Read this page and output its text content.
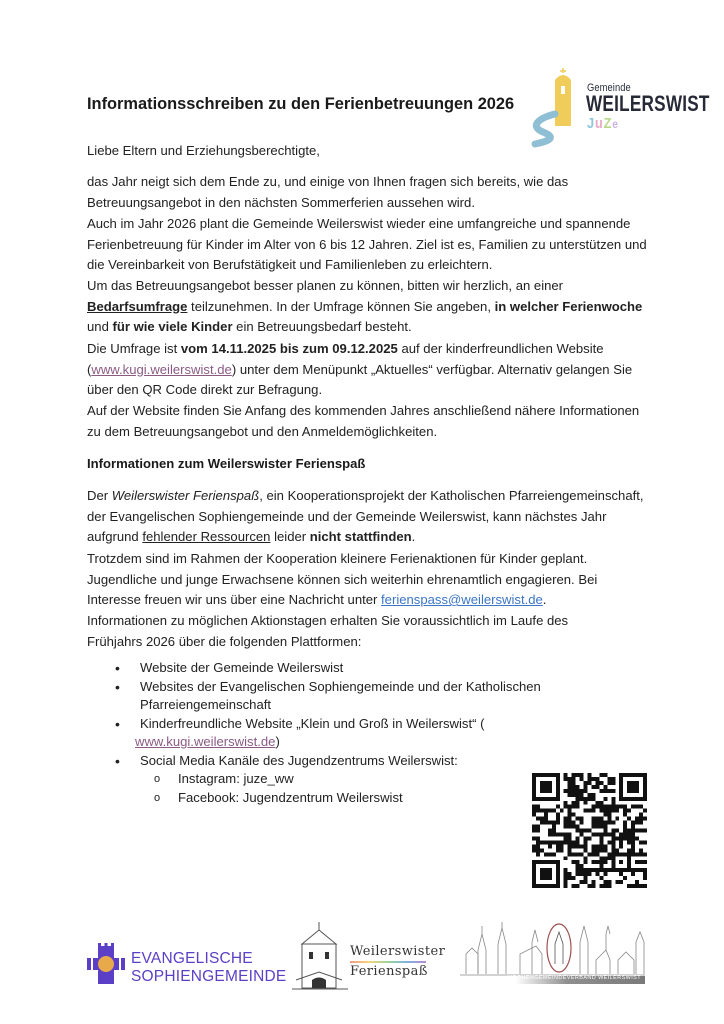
Gemeinde
WEILERSWIST
JuZe
Informationsschreiben zu den Ferienbetreuungen 2026

Liebe Eltern und Erziehungsberechtigte,

das Jahr neigt sich dem Ende zu, und einige von Ihnen fragen sich bereits, wie das Betreuungsangebot in den nächsten Sommerferien aussehen wird.

Auch im Jahr 2026 plant die Gemeinde Weilerswist wieder eine umfangreiche und spannende Ferienbetreuung für Kinder im Alter von 6 bis 12 Jahren. Ziel ist es, Familien zu unterstützen und die Vereinbarkeit von Berufstätigkeit und Familienleben zu erleichtern.

Um das Betreuungsangebot besser planen zu können, bitten wir herzlich, an einer Bedarfsumfrage teilzunehmen. In der Umfrage können Sie angeben, in welcher Ferienwoche und für wie viele Kinder ein Betreuungsbedarf besteht.

Die Umfrage ist vom 14.11.2025 bis zum 09.12.2025 auf der kinderfreundlichen Website (www.kugi.weilerswist.de) unter dem Menüpunkt „Aktuelles“ verfügbar. Alternativ gelangen Sie über den QR Code direkt zur Befragung.

Auf der Website finden Sie Anfang des kommenden Jahres anschließend nähere Informationen zu dem Betreuungsangebot und den Anmeldemöglichkeiten.

Informationen zum Weilerswister Ferienspaß

Der Weilerswister Ferienspaß, ein Kooperationsprojekt der Katholischen Pfarreiengemeinschaft, der Evangelischen Sophiengemeinde und der Gemeinde Weilerswist, kann nächstes Jahr aufgrund fehlender Ressourcen leider nicht stattfinden.

Trotzdem sind im Rahmen der Kooperation kleinere Ferienaktionen für Kinder geplant. Jugendliche und junge Erwachsene können sich weiterhin ehrenamtlich engagieren. Bei Interesse freuen wir uns über eine Nachricht unter ferienspass@weilerswist.de.

Informationen zu möglichen Aktionstagen erhalten Sie voraussichtlich im Laufe des Frühjahrs 2026 über die folgenden Plattformen:

• Website der Gemeinde Weilerswist
• Websites der Evangelischen Sophiengemeinde und der Katholischen Pfarreiengemeinschaft
• Kinderfreundliche Website „Klein und Groß in Weilerswist“ (
www.kugi.weilerswist.de)
• Social Media Kanäle des Jugendzentrums Weilerswist:
o Instagram: juze_ww
o Facebook: Jugendzentrum Weilerswist
EVANGELISCHE
SOPHIENGEMEINDE
Weilerswister
Ferienspaß	KIRCHENGEMEINDEVERBAND WEILERSWIST
